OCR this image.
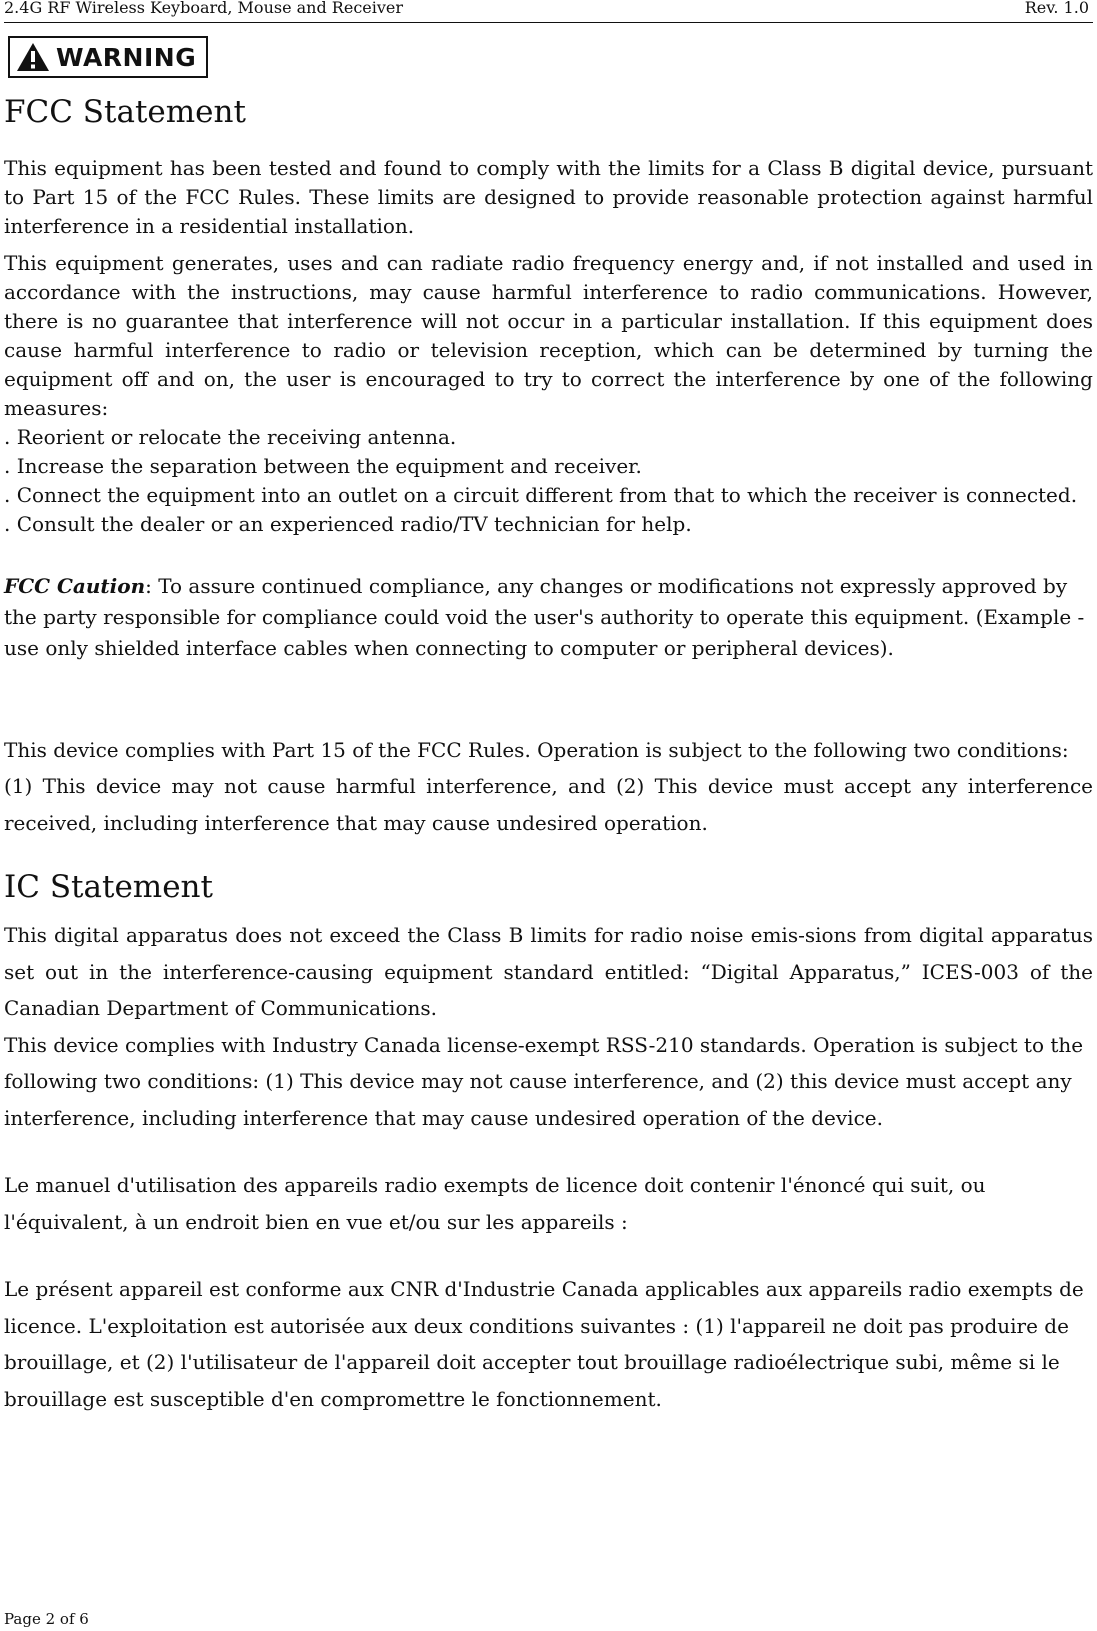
2.4G RF Wireless Keyboard, Mouse and Receiver	Rev. 1.0
WARNING
FCC Statement

This equipment has been tested and found to comply with the limits for a Class B digital device, pursuant to Part 15 of the FCC Rules. These limits are designed to provide reasonable protection against harmful interference in a residential installation.

This equipment generates, uses and can radiate radio frequency energy and, if not installed and used in accordance with the instructions, may cause harmful interference to radio communications. However, there is no guarantee that interference will not occur in a particular installation. If this equipment does cause harmful interference to radio or television reception, which can be determined by turning the equipment off and on, the user is encouraged to try to correct the interference by one of the following measures:

. Reorient or relocate the receiving antenna.

. Increase the separation between the equipment and receiver.

. Connect the equipment into an outlet on a circuit different from that to which the receiver is connected.

. Consult the dealer or an experienced radio/TV technician for help.

FCC Caution: To assure continued compliance, any changes or modifications not expressly approved by the party responsible for compliance could void the user's authority to operate this equipment. (Example - use only shielded interface cables when connecting to computer or peripheral devices).

This device complies with Part 15 of the FCC Rules. Operation is subject to the following two conditions:

(1) This device may not cause harmful interference, and (2) This device must accept any interference received, including interference that may cause undesired operation.

IC Statement

This digital apparatus does not exceed the Class B limits for radio noise emis-sions from digital apparatus set out in the interference-causing equipment standard entitled: “Digital Apparatus,” ICES-003 of the Canadian Department of Communications.

This device complies with Industry Canada license-exempt RSS-210 standards. Operation is subject to the following two conditions: (1) This device may not cause interference, and (2) this device must accept any interference, including interference that may cause undesired operation of the device.

Le manuel d'utilisation des appareils radio exempts de licence doit contenir l'énoncé qui suit, ou l'équivalent, à un endroit bien en vue et/ou sur les appareils :

Le présent appareil est conforme aux CNR d'Industrie Canada applicables aux appareils radio exempts de licence. L'exploitation est autorisée aux deux conditions suivantes : (1) l'appareil ne doit pas produire de brouillage, et (2) l'utilisateur de l'appareil doit accepter tout brouillage radioélectrique subi, même si le brouillage est susceptible d'en compromettre le fonctionnement.

Page 2 of 6
